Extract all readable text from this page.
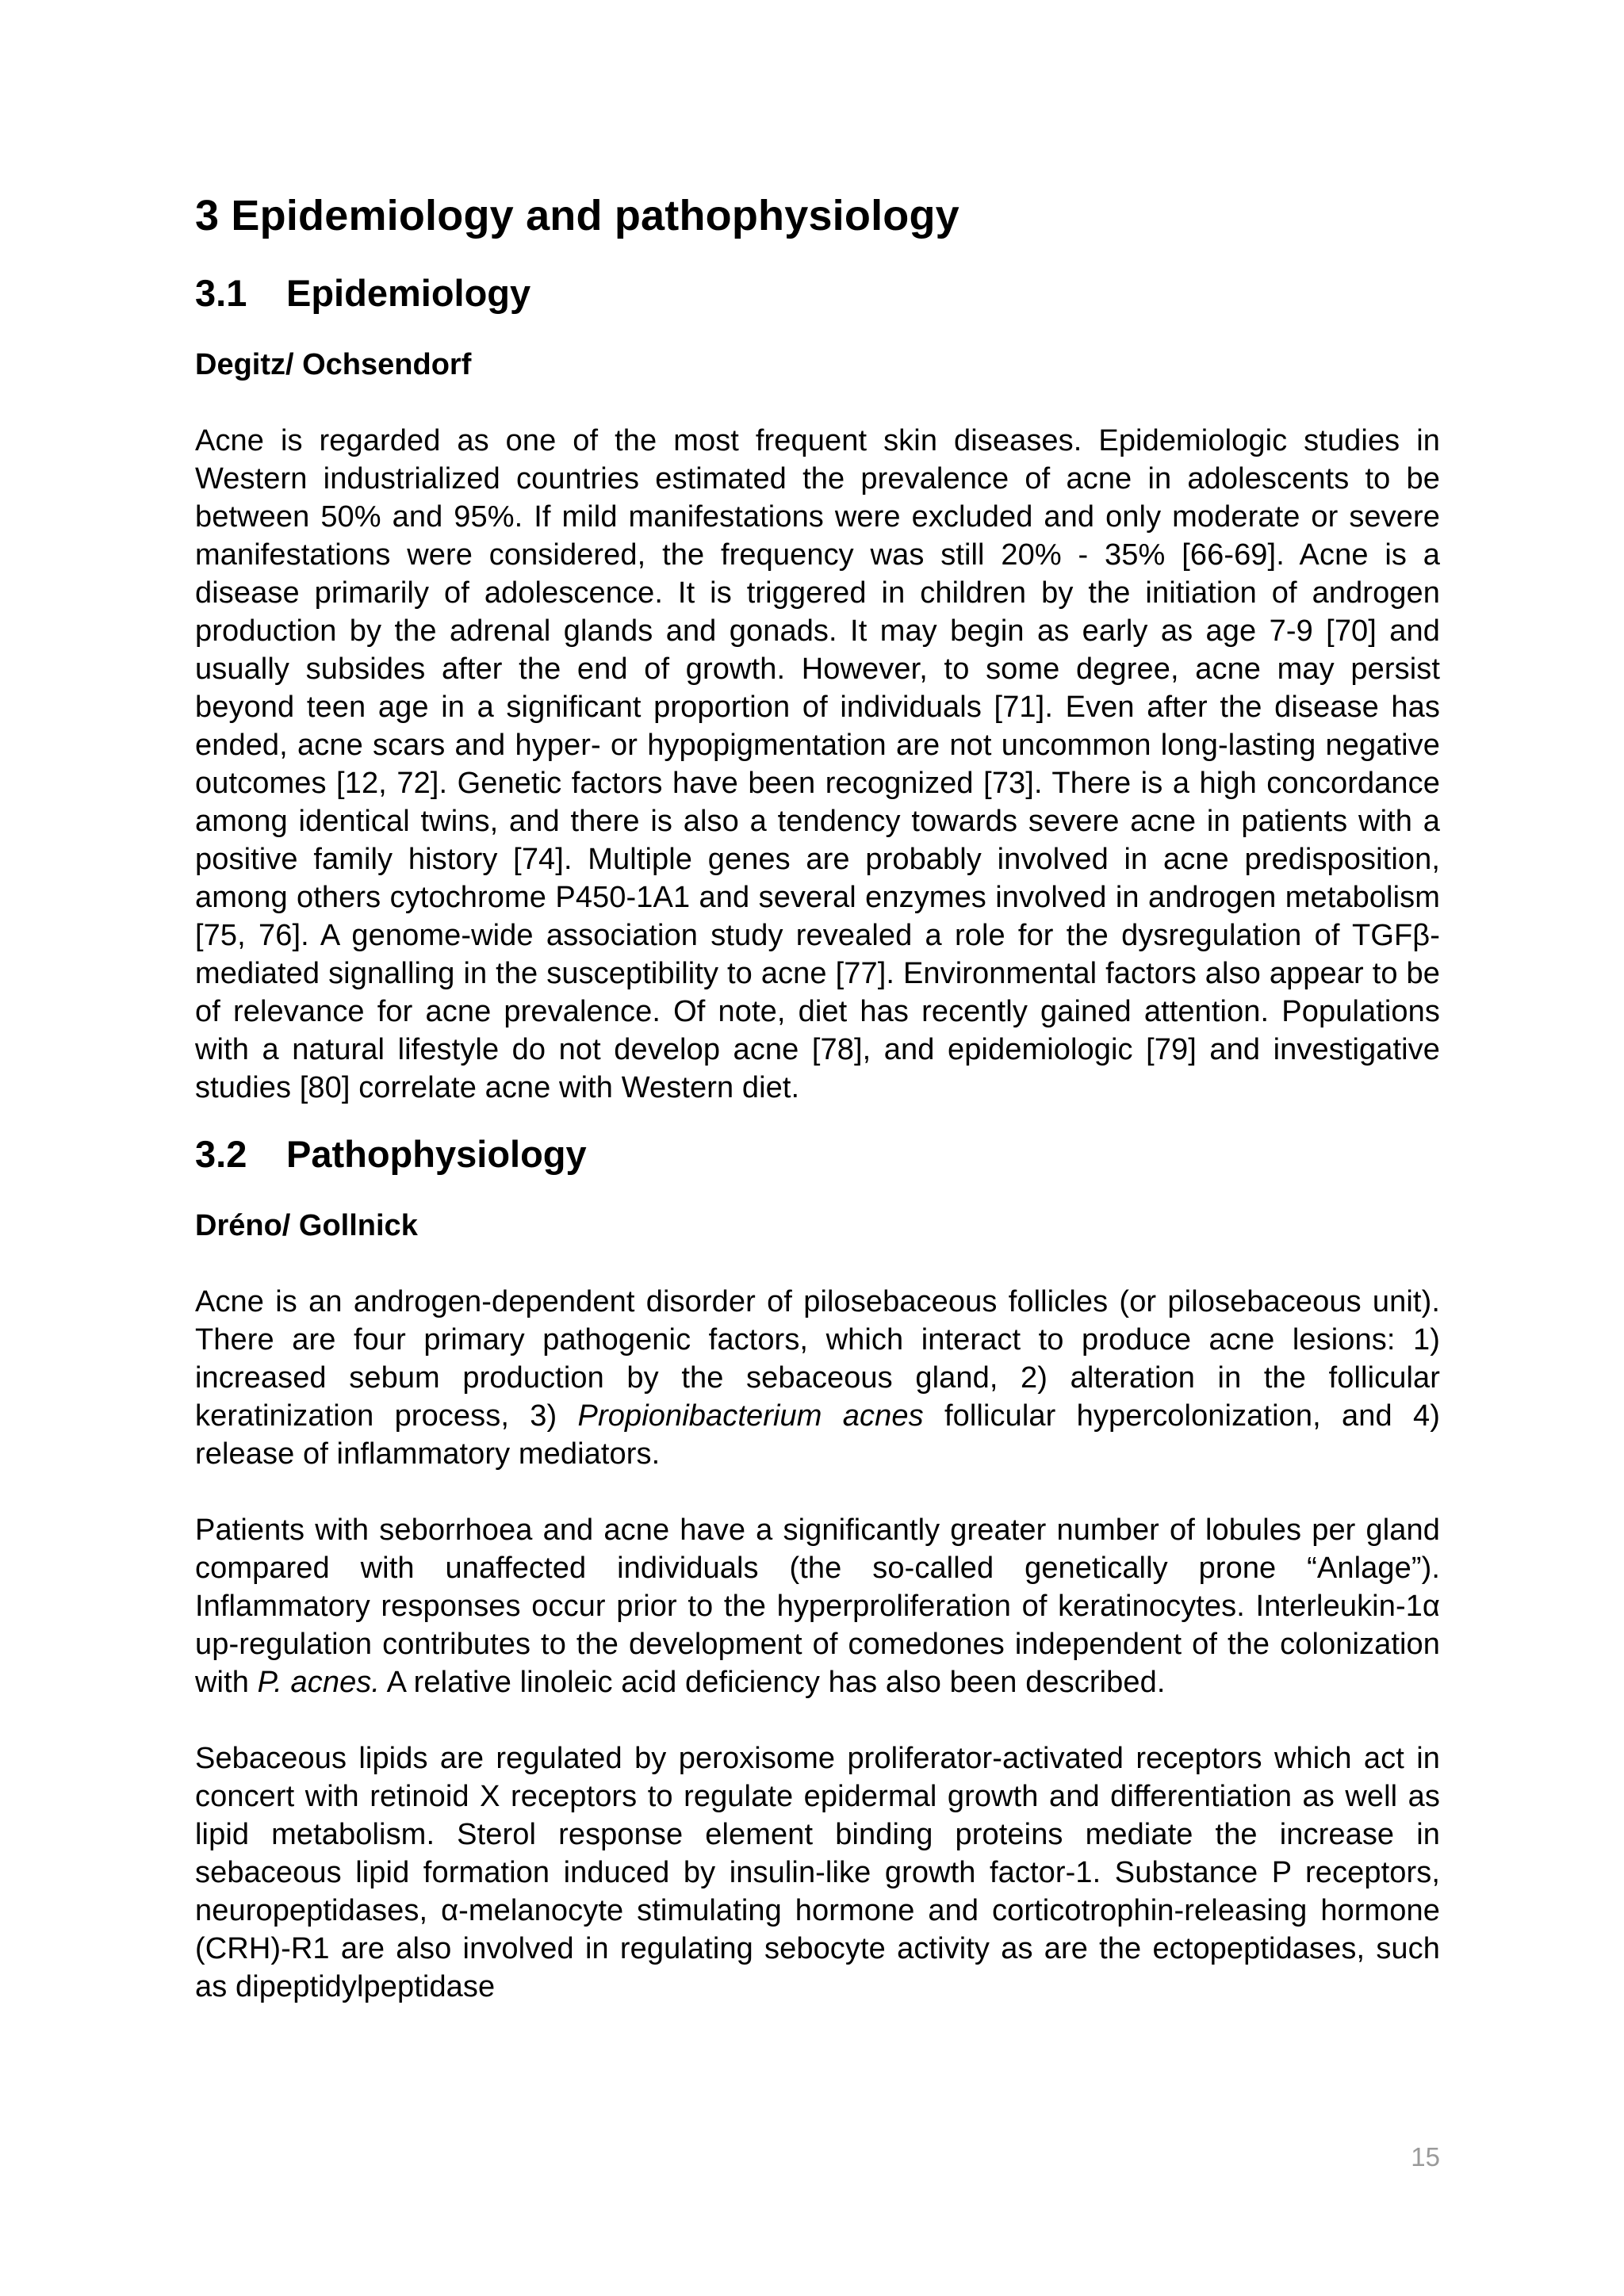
3 Epidemiology and pathophysiology
3.1 Epidemiology
Degitz/ Ochsendorf

Acne is regarded as one of the most frequent skin diseases. Epidemiologic studies in Western industrialized countries estimated the prevalence of acne in adolescents to be between 50% and 95%. If mild manifestations were excluded and only moderate or severe manifestations were considered, the frequency was still 20% - 35% [66-69]. Acne is a disease primarily of adolescence. It is triggered in children by the initiation of androgen production by the adrenal glands and gonads. It may begin as early as age 7-9 [70] and usually subsides after the end of growth. However, to some degree, acne may persist beyond teen age in a significant proportion of individuals [71]. Even after the disease has ended, acne scars and hyper- or hypopigmentation are not uncommon long-lasting negative outcomes [12, 72]. Genetic factors have been recognized [73]. There is a high concordance among identical twins, and there is also a tendency towards severe acne in patients with a positive family history [74]. Multiple genes are probably involved in acne predisposition, among others cytochrome P450-1A1 and several enzymes involved in androgen metabolism [75, 76]. A genome-wide association study revealed a role for the dysregulation of TGFβ-mediated signalling in the susceptibility to acne [77]. Environmental factors also appear to be of relevance for acne prevalence. Of note, diet has recently gained attention. Populations with a natural lifestyle do not develop acne [78], and epidemiologic [79] and investigative studies [80] correlate acne with Western diet.

3.2 Pathophysiology
Dréno/ Gollnick

Acne is an androgen-dependent disorder of pilosebaceous follicles (or pilosebaceous unit). There are four primary pathogenic factors, which interact to produce acne lesions: 1) increased sebum production by the sebaceous gland, 2) alteration in the follicular keratinization process, 3) Propionibacterium acnes follicular hypercolonization, and 4) release of inflammatory mediators.

Patients with seborrhoea and acne have a significantly greater number of lobules per gland compared with unaffected individuals (the so-called genetically prone “Anlage”). Inflammatory responses occur prior to the hyperproliferation of keratinocytes. Interleukin-1α up-regulation contributes to the development of comedones independent of the colonization with P. acnes. A relative linoleic acid deficiency has also been described.

Sebaceous lipids are regulated by peroxisome proliferator-activated receptors which act in concert with retinoid X receptors to regulate epidermal growth and differentiation as well as lipid metabolism. Sterol response element binding proteins mediate the increase in sebaceous lipid formation induced by insulin-like growth factor-1. Substance P receptors, neuropeptidases, α-melanocyte stimulating hormone and corticotrophin-releasing hormone (CRH)-R1 are also involved in regulating sebocyte activity as are the ectopeptidases, such as dipeptidylpeptidase

15
